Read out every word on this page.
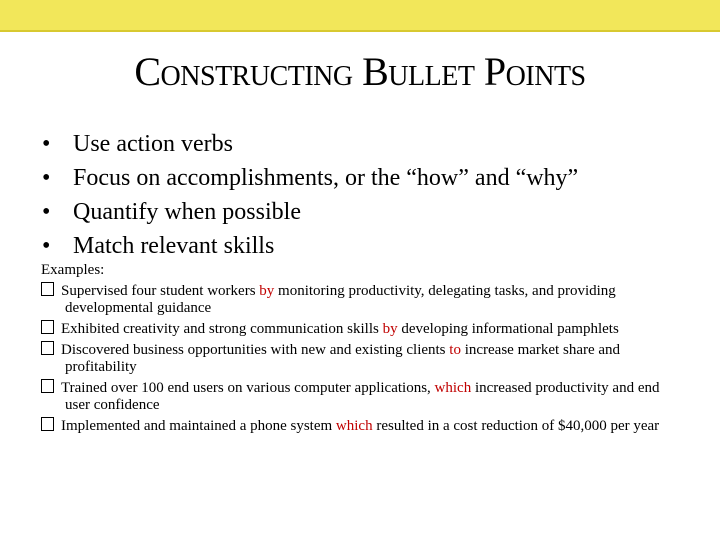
Constructing Bullet Points
• Use action verbs
• Focus on accomplishments, or the “how” and “why”
• Quantify when possible
• Match relevant skills
Examples:
Supervised four student workers by monitoring productivity, delegating tasks, and providing developmental guidance
Exhibited creativity and strong communication skills by developing informational pamphlets
Discovered business opportunities with new and existing clients to increase market share and profitability
Trained over 100 end users on various computer applications, which increased productivity and end user confidence
Implemented and maintained a phone system which resulted in a cost reduction of $40,000 per year
